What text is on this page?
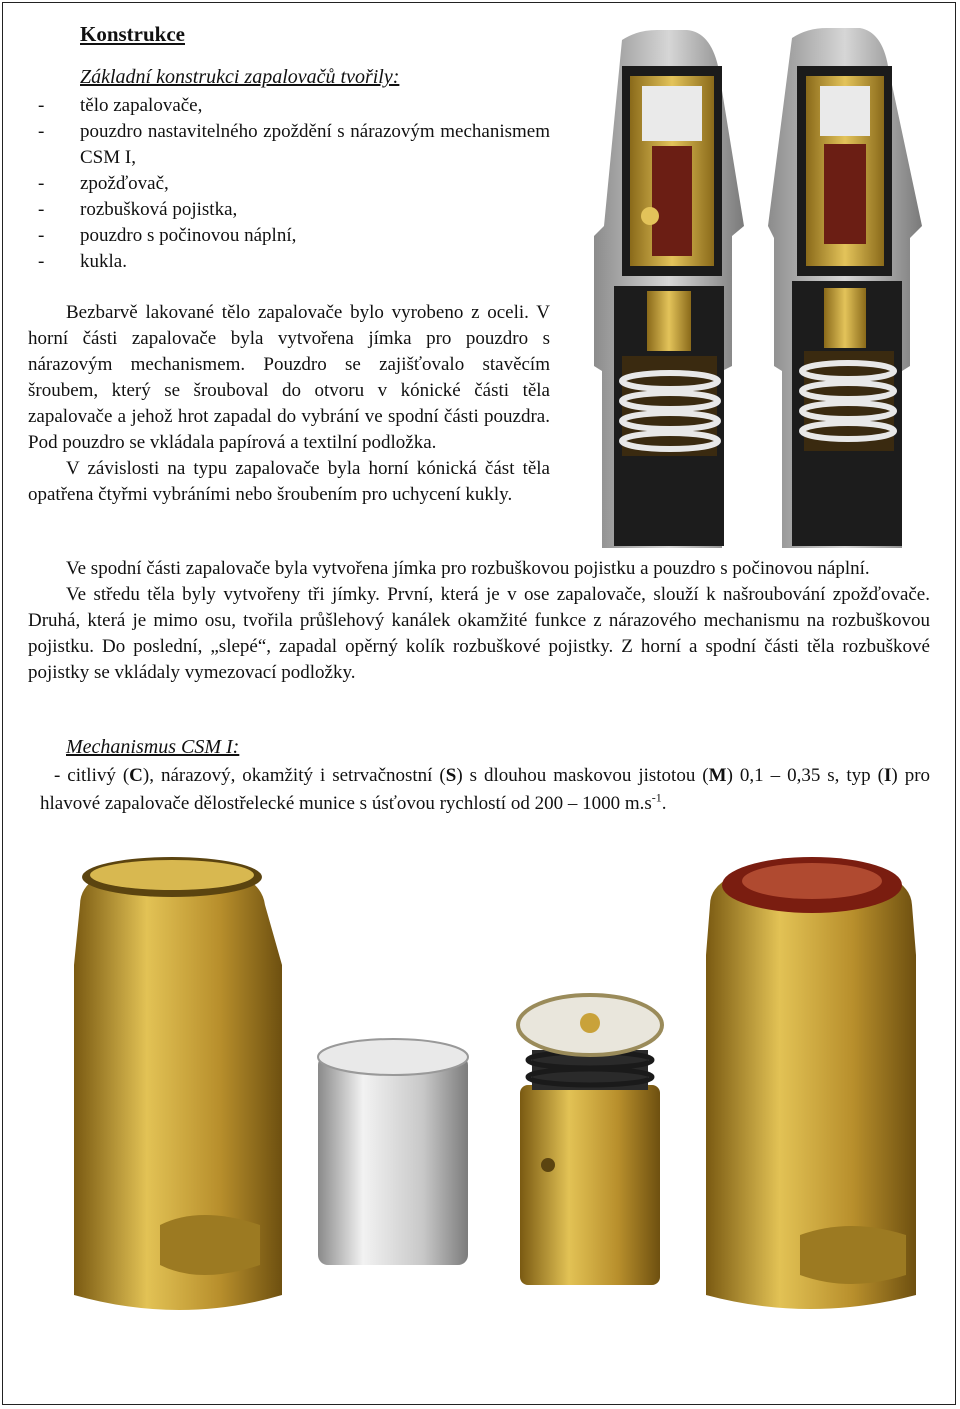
Konstrukce

Základní konstrukci zapalovačů tvořily:

-	tělo zapalovače,
-	pouzdro nastavitelného zpoždění s nárazovým mechanismem CSM I,
-	zpožďovač,
-	rozbušková pojistka,
-	pouzdro s počinovou náplní,
-	kukla.

Bezbarvě lakované tělo zapalovače bylo vyrobeno z oceli. V horní části zapalovače byla vytvořena jímka pro pouzdro s nárazovým mechanismem. Pouzdro se zajišťovalo stavěcím šroubem, který se šrouboval do otvoru v kónické části těla zapalovače a jehož hrot zapadal do vybrání ve spodní části pouzdra. Pod pouzdro se vkládala papírová a textilní podložka.

V závislosti na typu zapalovače byla horní kónická část těla opatřena čtyřmi vybráními nebo šroubením pro uchycení kukly.

Ve spodní části zapalovače byla vytvořena jímka pro rozbuškovou pojistku a pouzdro s počinovou náplní.

Ve středu těla byly vytvořeny tři jímky. První, která je v ose zapalovače, slouží k našroubování zpožďovače. Druhá, která je mimo osu, tvořila průšlehový kanálek okamžité funkce z nárazového mechanismu na rozbuškovou pojistku. Do poslední, „slepé“, zapadal opěrný kolík rozbuškové pojistky. Z horní a spodní části těla rozbuškové pojistky se vkládaly vymezovací podložky.

Mechanismus CSM I:

- citlivý (C), nárazový, okamžitý i setrvačnostní (S) s dlouhou maskovou jistotou (M) 0,1 – 0,35 s, typ (I) pro hlavové zapalovače dělostřelecké munice s úsťovou rychlostí od 200 – 1000 $m.s^{-1}$.
